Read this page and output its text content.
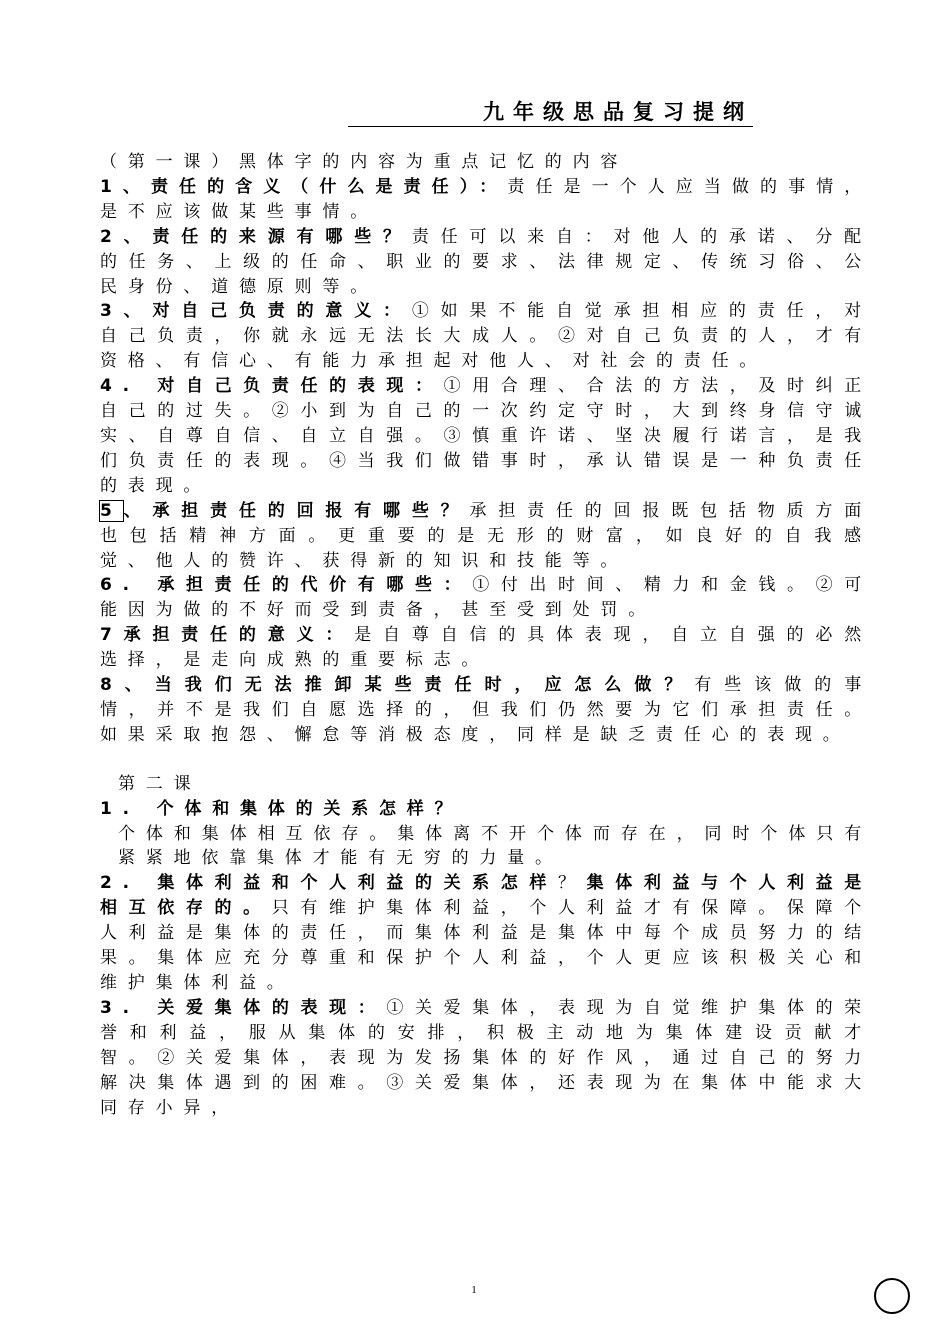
九年级思品复习提纲

（第一课）黑体字的内容为重点记忆的内容

1、责任的含义（什么是责任）：责任是一个人应当做的事情，是不应该做某些事情。

2、责任的来源有哪些？责任可以来自：对他人的承诺、分配的任务、上级的任命、职业的要求、法律规定、传统习俗、公民身份、道德原则等。

3、对自己负责的意义：①如果不能自觉承担相应的责任，对自己负责，你就永远无法长大成人。②对自己负责的人，才有资格、有信心、有能力承担起对他人、对社会的责任。

4. 对自己负责任的表现：①用合理、合法的方法，及时纠正自己的过失。②小到为自己的一次约定守时，大到终身信守诚实、自尊自信、自立自强。③慎重许诺、坚决履行诺言，是我们负责任的表现。④当我们做错事时，承认错误是一种负责任的表现。

5、承担责任的回报有哪些？承担责任的回报既包括物质方面也包括精神方面。更重要的是无形的财富，如良好的自我感觉、他人的赞许、获得新的知识和技能等。

6. 承担责任的代价有哪些：①付出时间、精力和金钱。②可能因为做的不好而受到责备，甚至受到处罚。

7承担责任的意义：是自尊自信的具体表现，自立自强的必然选择，是走向成熟的重要标志。

8、当我们无法推卸某些责任时，应怎么做？有些该做的事情，并不是我们自愿选择的，但我们仍然要为它们承担责任。如果采取抱怨、懈怠等消极态度，同样是缺乏责任心的表现。

第二课

1. 个体和集体的关系怎样？

个体和集体相互依存。集体离不开个体而存在，同时个体只有紧紧地依靠集体才能有无穷的力量。

2. 集体利益和个人利益的关系怎样？集体利益与个人利益是相互依存的。只有维护集体利益，个人利益才有保障。保障个人利益是集体的责任，而集体利益是集体中每个成员努力的结果。集体应充分尊重和保护个人利益，个人更应该积极关心和维护集体利益。

3. 关爱集体的表现：①关爱集体，表现为自觉维护集体的荣誉和利益，服从集体的安排，积极主动地为集体建设贡献才智。②关爱集体，表现为发扬集体的好作风，通过自己的努力解决集体遇到的困难。③关爱集体，还表现为在集体中能求大同存小异，

1
